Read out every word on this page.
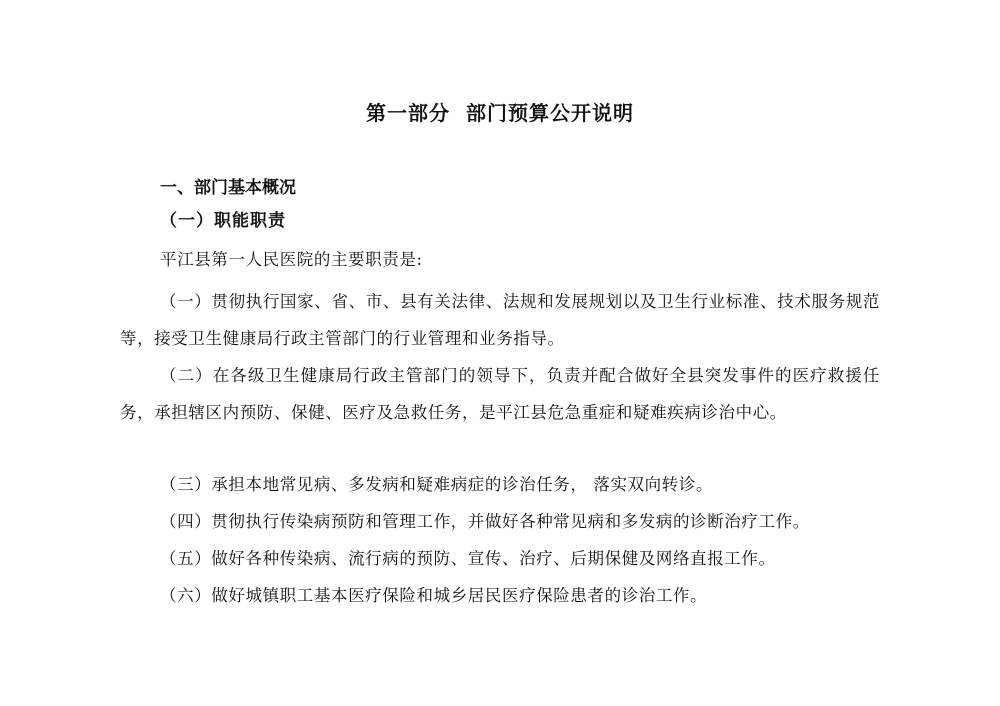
第一部分  部门预算公开说明
一、部门基本概况
（一）职能职责

平江县第一人民医院的主要职责是:

（一）贯彻执行国家、省、市、县有关法律、法规和发展规划以及卫生行业标准、技术服务规范等，接受卫生健康局行政主管部门的行业管理和业务指导。

（二）在各级卫生健康局行政主管部门的领导下，负责并配合做好全县突发事件的医疗救援任务，承担辖区内预防、保健、医疗及急救任务，是平江县危急重症和疑难疾病诊治中心。

（三）承担本地常见病、多发病和疑难病症的诊治任务， 落实双向转诊。

（四）贯彻执行传染病预防和管理工作，并做好各种常见病和多发病的诊断治疗工作。

（五）做好各种传染病、流行病的预防、宣传、治疗、后期保健及网络直报工作。

（六）做好城镇职工基本医疗保险和城乡居民医疗保险患者的诊治工作。
